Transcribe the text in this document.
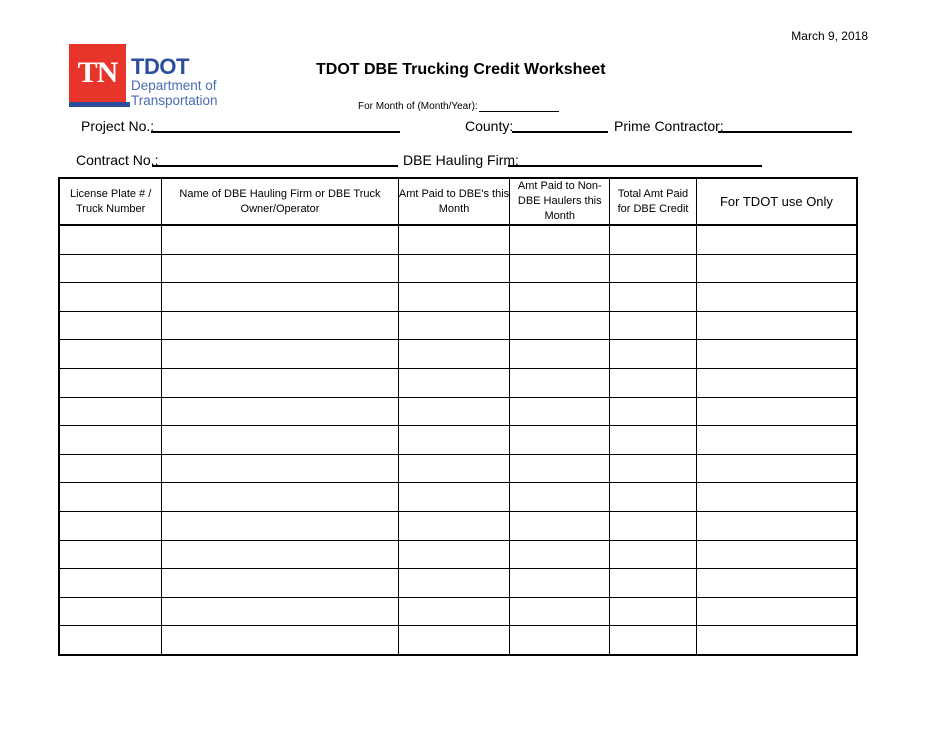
March 9, 2018
TN TDOT
Department of
Transportation
TDOT DBE Trucking Credit Worksheet
For Month of (Month/Year):
Project No.:	County:	Prime Contractor:
Contract No.:	DBE Hauling Firm:
License Plate # / Truck Number	Name of DBE Hauling Firm or DBE Truck Owner/Operator	Amt Paid to DBE's this Month	Amt Paid to Non-DBE Haulers this Month	Total Amt Paid for DBE Credit	For TDOT use Only
